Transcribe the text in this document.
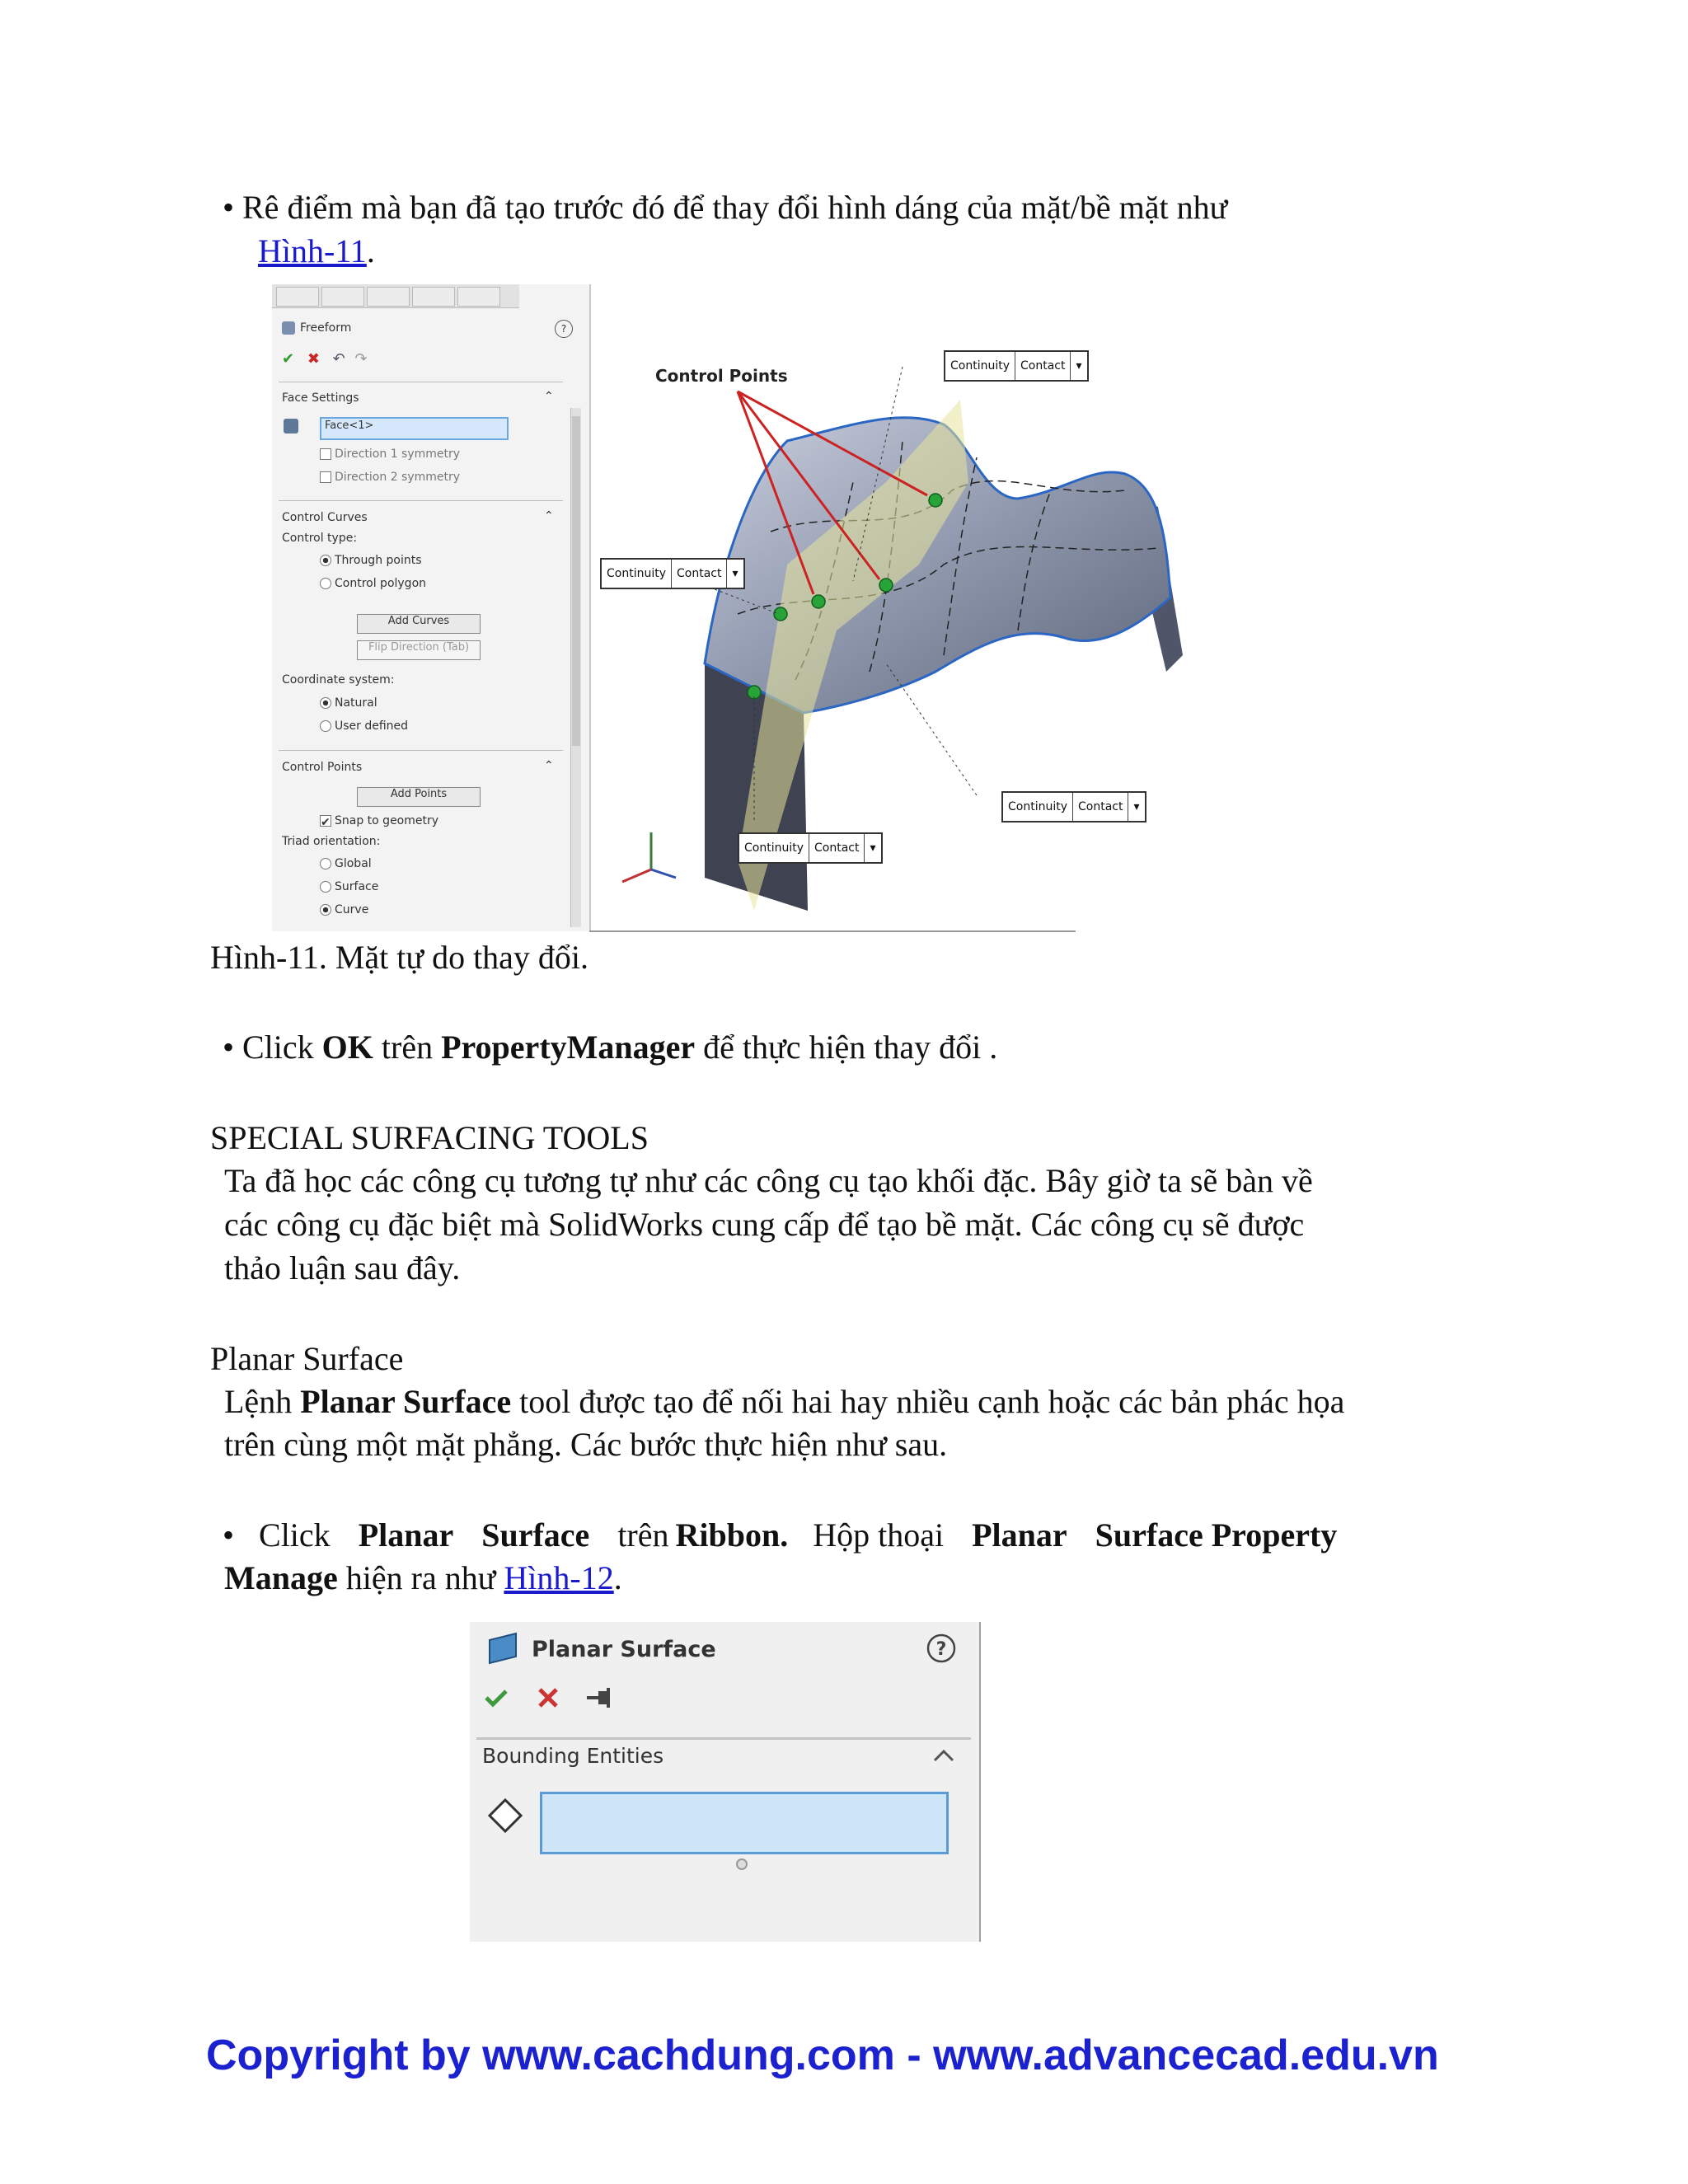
• Rê điểm mà bạn đã tạo trước đó để thay đổi hình dáng của mặt/bề mặt như
Hình-11.
Freeform	?
✔ ✖ ↶ ↷
Face Settings	⌃
Face<1>
Direction 1 symmetry
Direction 2 symmetry
Control Curves	⌃
Control type:
Through points
Control polygon
Add Curves
Flip Direction (Tab)
Coordinate system:
Natural
User defined
Control Points	⌃
Add Points
✔ Snap to geometry
Triad orientation:
Global
Surface
Curve
Control Points	Continuity Contact ▾
Continuity Contact ▾
Continuity Contact ▾
Continuity Contact ▾
Hình-11. Mặt tự do thay đổi.
• Click OK trên PropertyManager để thực hiện thay đổi .
SPECIAL SURFACING TOOLS
Ta đã học các công cụ tương tự như các công cụ tạo khối đặc. Bây giờ ta sẽ bàn về
các công cụ đặc biệt mà SolidWorks cung cấp để tạo bề mặt. Các công cụ sẽ được
thảo luận sau đây.
Planar Surface
Lệnh Planar Surface tool được tạo để nối hai hay nhiều cạnh hoặc các bản phác họa
trên cùng một mặt phẳng. Các bước thực hiện như sau.
• Click Planar Surface trên Ribbon. Hộp thoại Planar Surface Property
Manage hiện ra như Hình-12.
Planar Surface	?
Bounding Entities
Copyright by www.cachdung.com - www.advancecad.edu.vn
